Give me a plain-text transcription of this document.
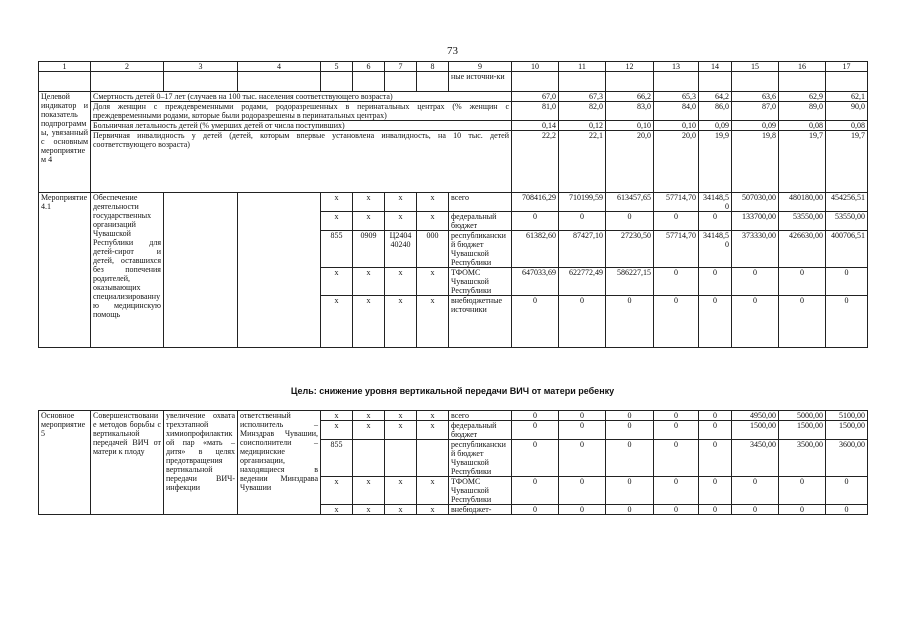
73
1	2	3	4	5	6	7	8	9	10	11	12	13	14	15	16	17
								ные источни-ки								
Целевой индикатор и показатель подпрограммы, увязанный с основным мероприятием 4	Смертность детей 0–17 лет (случаев на 100 тыс. населения соответствующего возраста)								67,0	67,3	66,2	65,3	64,2	63,6	62,9	62,1
	Доля женщин с преждевременными родами, родоразрешенных в перинатальных центрах (% женщин с преждевременными родами, которые были родоразрешены в перинатальных центрах)								81,0	82,0	83,0	84,0	86,0	87,0	89,0	90,0
	Больничная летальность детей (% умерших детей от числа поступивших)								0,14	0,12	0,10	0,10	0,09	0,09	0,08	0,08
	Первичная инвалидность у детей (детей, которым впервые установлена инвалидность, на 10 тыс. детей соответствующего возраста)								22,2	22,1	20,0	20,0	19,9	19,8	19,7	19,7
Мероприятие 4.1	Обеспечение деятельности государственных организаций Чувашской Республики для детей-сирот и детей, оставшихся без попечения родителей, оказывающих специализированную медицинскую помощь			x	x	x	x	всего	708416,29	710199,59	613457,65	57714,70	34148,50	507030,00	480180,00	454256,51
				x	x	x	x	федеральный бюджет	0	0	0	0	0	133700,00	53550,00	53550,00
				855	0909	Ц2404 40240	000	республиканский бюджет Чувашской Республики	61382,60	87427,10	27230,50	57714,70	34148,50	373330,00	426630,00	400706,51
				x	x	x	x	ТФОМС Чувашской Республики	647033,69	622772,49	586227,15	0	0	0	0	0
				x	x	x	x	внебюджетные источники	0	0	0	0	0	0	0	0
Цель: снижение уровня вертикальной передачи ВИЧ от матери ребенку
Основное мероприятие 5	Совершенствование методов борьбы с вертикальной передачей ВИЧ от матери к плоду	увеличение охвата трехэтапной химиопрофилактикой пар «мать – дитя» в целях предотвращения вертикальной передачи ВИЧ-инфекции	ответственный исполнитель – Минздрав Чувашии, соисполнители – медицинские организации, находящиеся в ведении Минздрава Чувашии	x	x	x	x	всего	0	0	0	0	0	4950,00	5000,00	5100,00
				x	x	x	x	федеральный бюджет	0	0	0	0	0	1500,00	1500,00	1500,00
				855				республиканский бюджет Чувашской Республики	0	0	0	0	0	3450,00	3500,00	3600,00
				x	x	x	x	ТФОМС Чувашской Республики	0	0	0	0	0	0	0	0
				x	x	x	x	внебюджет-	0	0	0	0	0	0	0	0
